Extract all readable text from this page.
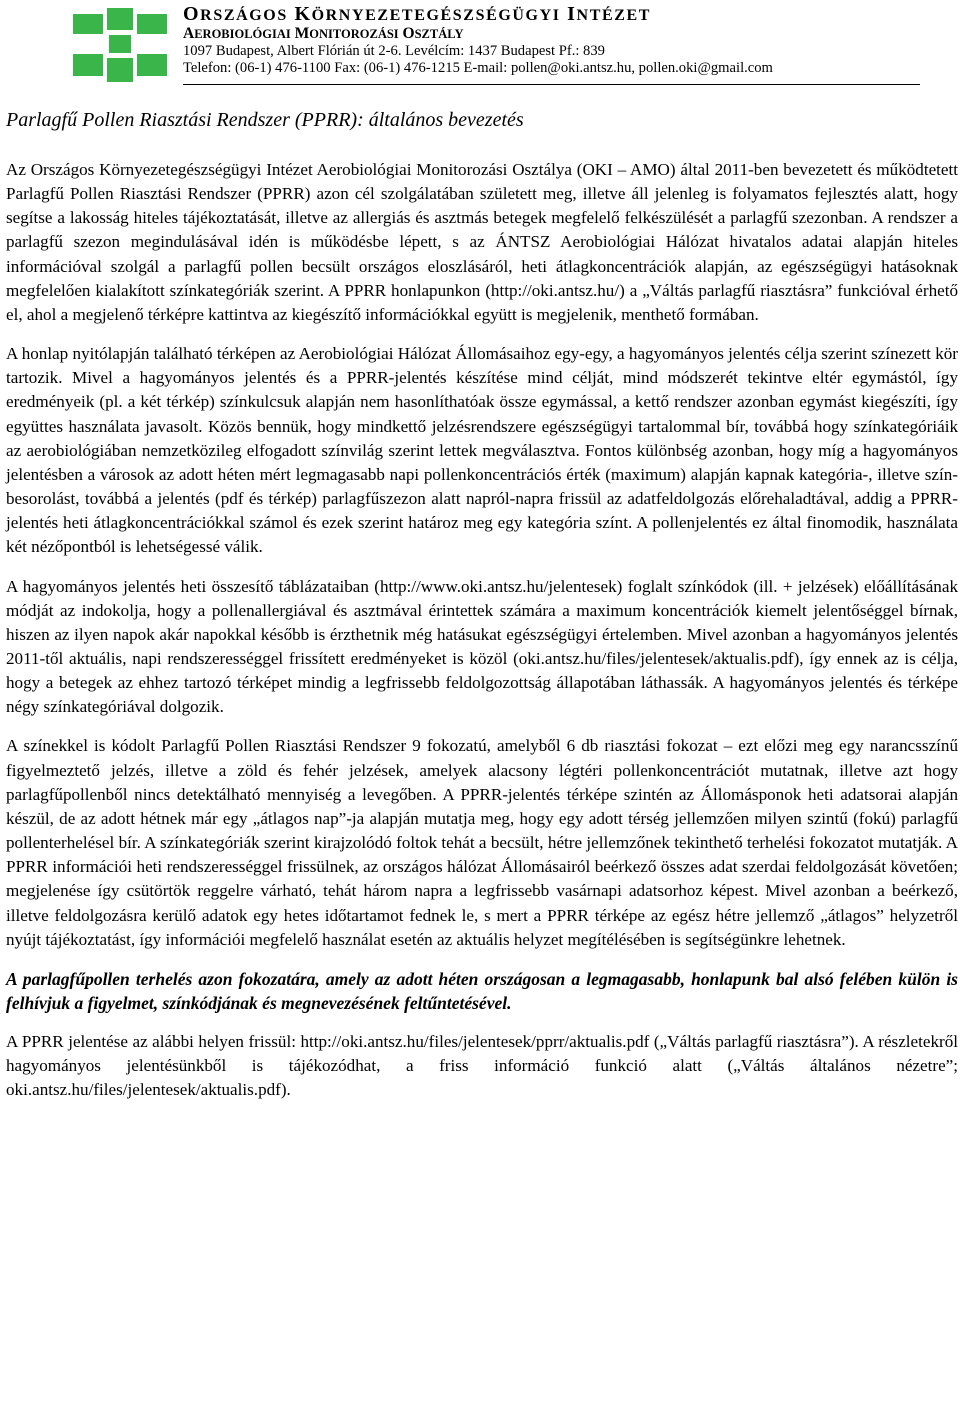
ORSZÁGOS KÖRNYEZETEGÉSZSÉGÜGYI INTÉZET
AEROBIOLÓGIAI MONITOROZÁSI OSZTÁLY
1097 Budapest, Albert Flórián út 2-6. Levélcím: 1437 Budapest Pf.: 839
Telefon: (06-1) 476-1100 Fax: (06-1) 476-1215 E-mail: pollen@oki.antsz.hu, pollen.oki@gmail.com
Parlagfű Pollen Riasztási Rendszer (PPRR): általános bevezetés

Az Országos Környezetegészségügyi Intézet Aerobiológiai Monitorozási Osztálya (OKI – AMO) által 2011-ben bevezetett és működtetett Parlagfű Pollen Riasztási Rendszer (PPRR) azon cél szolgálatában született meg, illetve áll jelenleg is folyamatos fejlesztés alatt, hogy segítse a lakosság hiteles tájékoztatását, illetve az allergiás és asztmás betegek megfelelő felkészülését a parlagfű szezonban. A rendszer a parlagfű szezon megindulásával idén is működésbe lépett, s az ÁNTSZ Aerobiológiai Hálózat hivatalos adatai alapján hiteles információval szolgál a parlagfű pollen becsült országos eloszlásáról, heti átlagkoncentrációk alapján, az egészségügyi hatásoknak megfelelően kialakított színkategóriák szerint. A PPRR honlapunkon (http://oki.antsz.hu/) a „Váltás parlagfű riasztásra” funkcióval érhető el, ahol a megjelenő térképre kattintva az kiegészítő információkkal együtt is megjelenik, menthető formában.

A honlap nyitólapján található térképen az Aerobiológiai Hálózat Állomásaihoz egy-egy, a hagyományos jelentés célja szerint színezett kör tartozik. Mivel a hagyományos jelentés és a PPRR-jelentés készítése mind célját, mind módszerét tekintve eltér egymástól, így eredményeik (pl. a két térkép) színkulcsuk alapján nem hasonlíthatóak össze egymással, a kettő rendszer azonban egymást kiegészíti, így együttes használata javasolt. Közös bennük, hogy mindkettő jelzésrendszere egészségügyi tartalommal bír, továbbá hogy színkategóriáik az aerobiológiában nemzetközileg elfogadott színvilág szerint lettek megválasztva. Fontos különbség azonban, hogy míg a hagyományos jelentésben a városok az adott héten mért legmagasabb napi pollenkoncentrációs érték (maximum) alapján kapnak kategória-, illetve szín-besorolást, továbbá a jelentés (pdf és térkép) parlagfűszezon alatt napról-napra frissül az adatfeldolgozás előrehaladtával, addig a PPRR-jelentés heti átlagkoncentrációkkal számol és ezek szerint határoz meg egy kategória színt. A pollenjelentés ez által finomodik, használata két nézőpontból is lehetségessé válik.

A hagyományos jelentés heti összesítő táblázataiban (http://www.oki.antsz.hu/jelentesek) foglalt színkódok (ill. + jelzések) előállításának módját az indokolja, hogy a pollenallergiával és asztmával érintettek számára a maximum koncentrációk kiemelt jelentőséggel bírnak, hiszen az ilyen napok akár napokkal később is érzthetnik még hatásukat egészségügyi értelemben. Mivel azonban a hagyományos jelentés 2011-től aktuális, napi rendszerességgel frissített eredményeket is közöl (oki.antsz.hu/files/jelentesek/aktualis.pdf), így ennek az is célja, hogy a betegek az ehhez tartozó térképet mindig a legfrissebb feldolgozottság állapotában láthassák. A hagyományos jelentés és térképe négy színkategóriával dolgozik.

A színekkel is kódolt Parlagfű Pollen Riasztási Rendszer 9 fokozatú, amelyből 6 db riasztási fokozat – ezt előzi meg egy narancsszínű figyelmeztető jelzés, illetve a zöld és fehér jelzések, amelyek alacsony légtéri pollenkoncentrációt mutatnak, illetve azt hogy parlagfűpollenből nincs detektálható mennyiség a levegőben. A PPRR-jelentés térképe szintén az Állomásponok heti adatsorai alapján készül, de az adott hétnek már egy „átlagos nap”-ja alapján mutatja meg, hogy egy adott térség jellemzően milyen szintű (fokú) parlagfű pollenterhelésel bír. A színkategóriák szerint kirajzolódó foltok tehát a becsült, hétre jellemzőnek tekinthető terhelési fokozatot mutatják. A PPRR információi heti rendszerességgel frissülnek, az országos hálózat Állomásairól beérkező összes adat szerdai feldolgozását követően; megjelenése így csütörtök reggelre várható, tehát három napra a legfrissebb vasárnapi adatsorhoz képest. Mivel azonban a beérkező, illetve feldolgozásra kerülő adatok egy hetes időtartamot fednek le, s mert a PPRR térképe az egész hétre jellemző „átlagos” helyzetről nyújt tájékoztatást, így információi megfelelő használat esetén az aktuális helyzet megítélésében is segítségünkre lehetnek.

A parlagfűpollen terhelés azon fokozatára, amely az adott héten országosan a legmagasabb, honlapunk bal alsó felében külön is felhívjuk a figyelmet, színkódjának és megnevezésének feltűntetésével.

A PPRR jelentése az alábbi helyen frissül: http://oki.antsz.hu/files/jelentesek/pprr/aktualis.pdf („Váltás parlagfű riasztásra”). A részletekről hagyományos jelentésünkből is tájékozódhat, a friss információ funkció alatt („Váltás általános nézetre”; oki.antsz.hu/files/jelentesek/aktualis.pdf).
